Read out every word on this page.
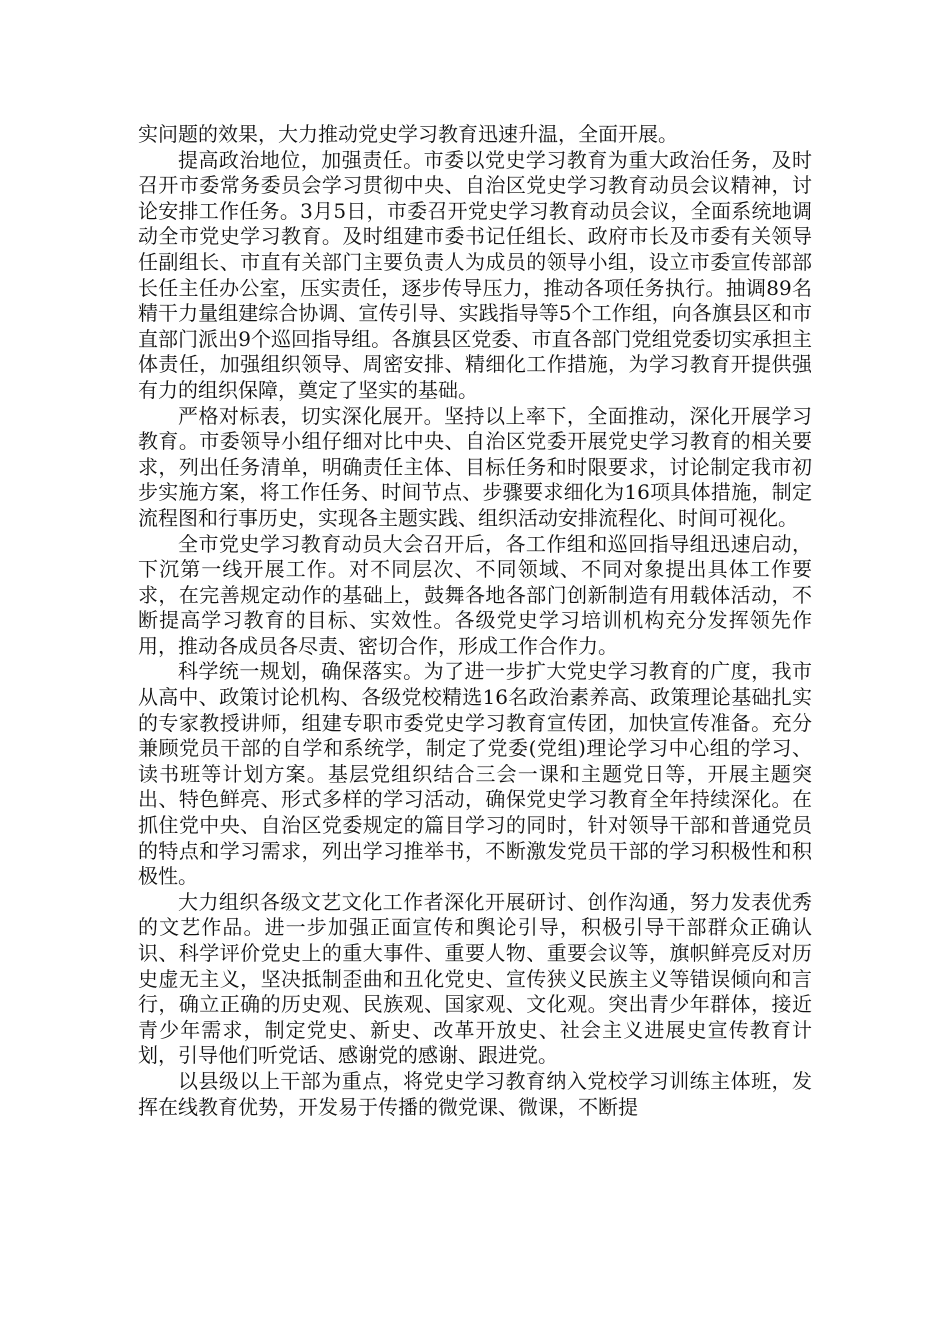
实问题的效果，大力推动党史学习教育迅速升温，全面开展。

提高政治地位，加强责任。市委以党史学习教育为重大政治任务，及时召开市委常务委员会学习贯彻中央、自治区党史学习教育动员会议精神，讨论安排工作任务。3月5日，市委召开党史学习教育动员会议，全面系统地调动全市党史学习教育。及时组建市委书记任组长、政府市长及市委有关领导任副组长、市直有关部门主要负责人为成员的领导小组，设立市委宣传部部长任主任办公室，压实责任，逐步传导压力，推动各项任务执行。抽调89名精干力量组建综合协调、宣传引导、实践指导等5个工作组，向各旗县区和市直部门派出9个巡回指导组。各旗县区党委、市直各部门党组党委切实承担主体责任，加强组织领导、周密安排、精细化工作措施，为学习教育开提供强有力的组织保障，奠定了坚实的基础。

严格对标表，切实深化展开。坚持以上率下，全面推动，深化开展学习教育。市委领导小组仔细对比中央、自治区党委开展党史学习教育的相关要求，列出任务清单，明确责任主体、目标任务和时限要求，讨论制定我市初步实施方案，将工作任务、时间节点、步骤要求细化为16项具体措施，制定流程图和行事历史，实现各主题实践、组织活动安排流程化、时间可视化。

全市党史学习教育动员大会召开后，各工作组和巡回指导组迅速启动，下沉第一线开展工作。对不同层次、不同领域、不同对象提出具体工作要求，在完善规定动作的基础上，鼓舞各地各部门创新制造有用载体活动，不断提高学习教育的目标、实效性。各级党史学习培训机构充分发挥领先作用，推动各成员各尽责、密切合作，形成工作合作力。

科学统一规划，确保落实。为了进一步扩大党史学习教育的广度，我市从高中、政策讨论机构、各级党校精选16名政治素养高、政策理论基础扎实的专家教授讲师，组建专职市委党史学习教育宣传团，加快宣传准备。充分兼顾党员干部的自学和系统学，制定了党委(党组)理论学习中心组的学习、读书班等计划方案。基层党组织结合三会一课和主题党日等，开展主题突出、特色鲜亮、形式多样的学习活动，确保党史学习教育全年持续深化。在抓住党中央、自治区党委规定的篇目学习的同时，针对领导干部和普通党员的特点和学习需求，列出学习推举书，不断激发党员干部的学习积极性和积极性。

大力组织各级文艺文化工作者深化开展研讨、创作沟通，努力发表优秀的文艺作品。进一步加强正面宣传和舆论引导，积极引导干部群众正确认识、科学评价党史上的重大事件、重要人物、重要会议等，旗帜鲜亮反对历史虚无主义，坚决抵制歪曲和丑化党史、宣传狭义民族主义等错误倾向和言行，确立正确的历史观、民族观、国家观、文化观。突出青少年群体，接近青少年需求，制定党史、新史、改革开放史、社会主义进展史宣传教育计划，引导他们听党话、感谢党的感谢、跟进党。

以县级以上干部为重点，将党史学习教育纳入党校学习训练主体班，发挥在线教育优势，开发易于传播的微党课、微课，不断提
